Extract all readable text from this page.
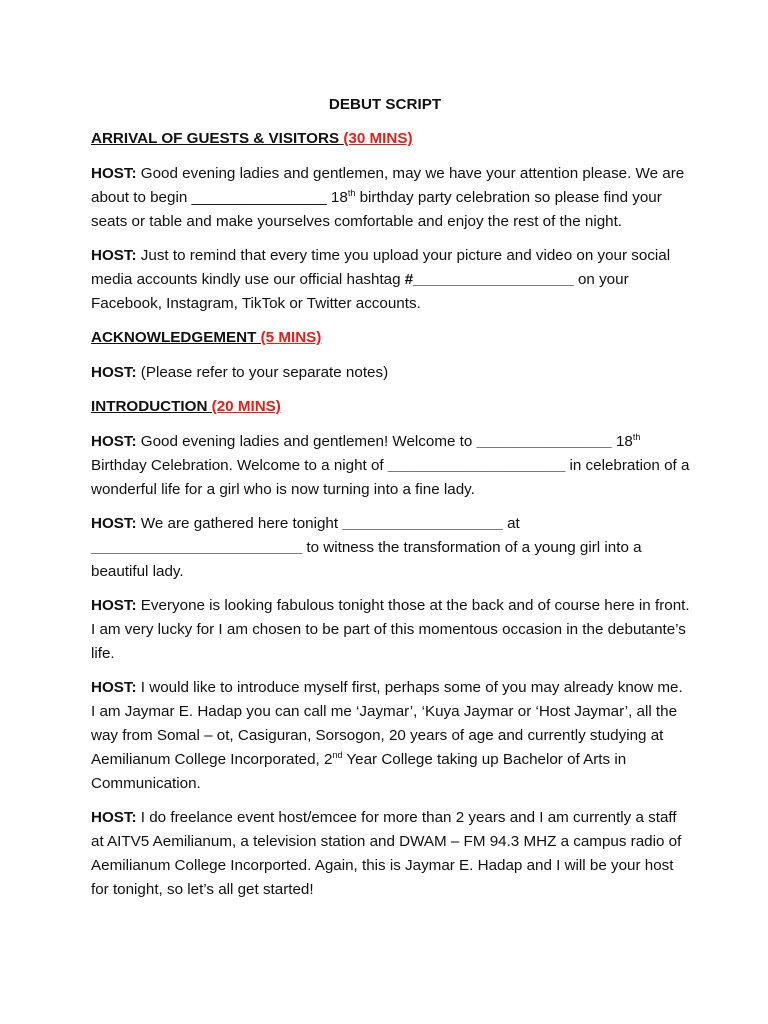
DEBUT SCRIPT
ARRIVAL OF GUESTS & VISITORS (30 MINS)

HOST: Good evening ladies and gentlemen, may we have your attention please. We are about to begin ________________ 18th birthday party celebration so please find your seats or table and make yourselves comfortable and enjoy the rest of the night.

HOST: Just to remind that every time you upload your picture and video on your social media accounts kindly use our official hashtag #___________________ on your Facebook, Instagram, TikTok or Twitter accounts.

ACKNOWLEDGEMENT (5 MINS)

HOST: (Please refer to your separate notes)

INTRODUCTION (20 MINS)

HOST: Good evening ladies and gentlemen! Welcome to ________________ 18th Birthday Celebration. Welcome to a night of _____________________ in celebration of a wonderful life for a girl who is now turning into a fine lady.

HOST: We are gathered here tonight ___________________ at _________________________ to witness the transformation of a young girl into a beautiful lady.

HOST: Everyone is looking fabulous tonight those at the back and of course here in front. I am very lucky for I am chosen to be part of this momentous occasion in the debutante’s life.

HOST: I would like to introduce myself first, perhaps some of you may already know me. I am Jaymar E. Hadap you can call me ‘Jaymar’, ‘Kuya Jaymar or ‘Host Jaymar’, all the way from Somal – ot, Casiguran, Sorsogon, 20 years of age and currently studying at Aemilianum College Incorporated, 2nd Year College taking up Bachelor of Arts in Communication.

HOST: I do freelance event host/emcee for more than 2 years and I am currently a staff at AITV5 Aemilianum, a television station and DWAM – FM 94.3 MHZ a campus radio of Aemilianum College Incorported. Again, this is Jaymar E. Hadap and I will be your host for tonight, so let’s all get started!
